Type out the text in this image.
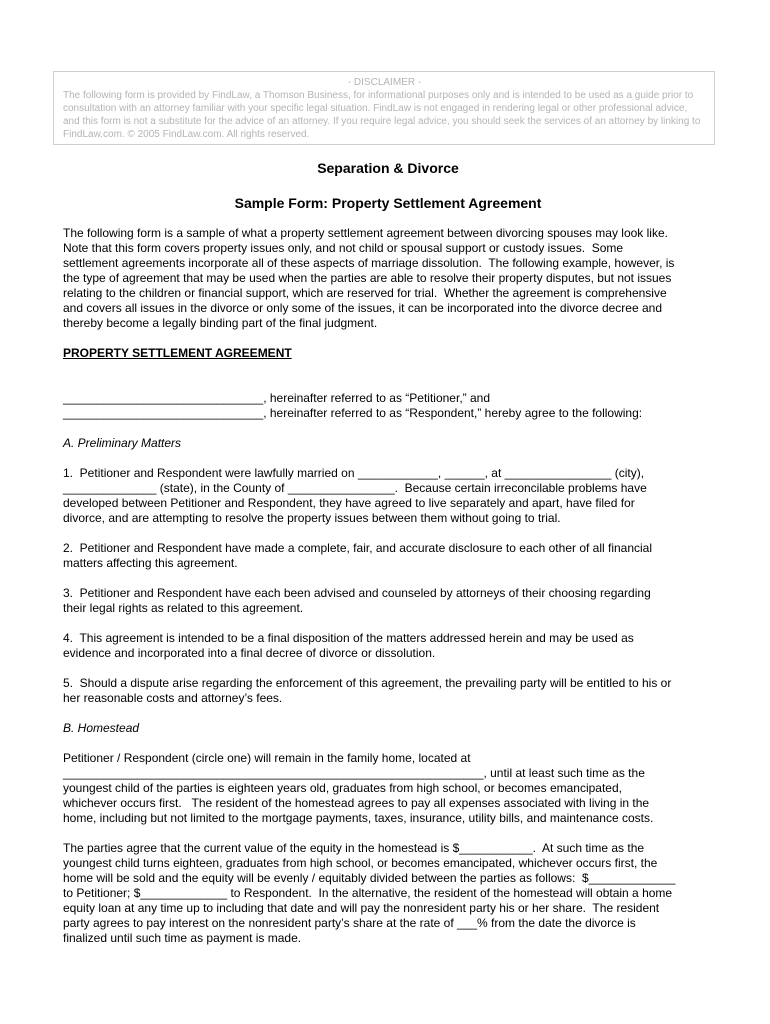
- DISCLAIMER -
The following form is provided by FindLaw, a Thomson Business, for informational purposes only and is intended to be used as a guide prior to
consultation with an attorney familiar with your specific legal situation. FindLaw is not engaged in rendering legal or other professional advice,
and this form is not a substitute for the advice of an attorney. If you require legal advice, you should seek the services of an attorney by linking to
FindLaw.com. © 2005 FindLaw.com. All rights reserved.
Separation & Divorce
Sample Form: Property Settlement Agreement
The following form is a sample of what a property settlement agreement between divorcing spouses may look like.
Note that this form covers property issues only, and not child or spousal support or custody issues.  Some
settlement agreements incorporate all of these aspects of marriage dissolution.  The following example, however, is
the type of agreement that may be used when the parties are able to resolve their property disputes, but not issues
relating to the children or financial support, which are reserved for trial.  Whether the agreement is comprehensive
and covers all issues in the divorce or only some of the issues, it can be incorporated into the divorce decree and
thereby become a legally binding part of the final judgment.
PROPERTY SETTLEMENT AGREEMENT
______________________________, hereinafter referred to as “Petitioner,” and
______________________________, hereinafter referred to as “Respondent,” hereby agree to the following:
A. Preliminary Matters
1.  Petitioner and Respondent were lawfully married on ____________, ______, at ________________ (city),
______________ (state), in the County of ________________.  Because certain irreconcilable problems have
developed between Petitioner and Respondent, they have agreed to live separately and apart, have filed for
divorce, and are attempting to resolve the property issues between them without going to trial.
2.  Petitioner and Respondent have made a complete, fair, and accurate disclosure to each other of all financial
matters affecting this agreement.
3.  Petitioner and Respondent have each been advised and counseled by attorneys of their choosing regarding
their legal rights as related to this agreement.
4.  This agreement is intended to be a final disposition of the matters addressed herein and may be used as
evidence and incorporated into a final decree of divorce or dissolution.
5.  Should a dispute arise regarding the enforcement of this agreement, the prevailing party will be entitled to his or
her reasonable costs and attorney’s fees.
B. Homestead
Petitioner / Respondent (circle one) will remain in the family home, located at
_______________________________________________________________, until at least such time as the
youngest child of the parties is eighteen years old, graduates from high school, or becomes emancipated,
whichever occurs first.   The resident of the homestead agrees to pay all expenses associated with living in the
home, including but not limited to the mortgage payments, taxes, insurance, utility bills, and maintenance costs.
The parties agree that the current value of the equity in the homestead is $___________.  At such time as the
youngest child turns eighteen, graduates from high school, or becomes emancipated, whichever occurs first, the
home will be sold and the equity will be evenly / equitably divided between the parties as follows:  $_____________
to Petitioner; $_____________ to Respondent.  In the alternative, the resident of the homestead will obtain a home
equity loan at any time up to including that date and will pay the nonresident party his or her share.  The resident
party agrees to pay interest on the nonresident party’s share at the rate of ___% from the date the divorce is
finalized until such time as payment is made.
